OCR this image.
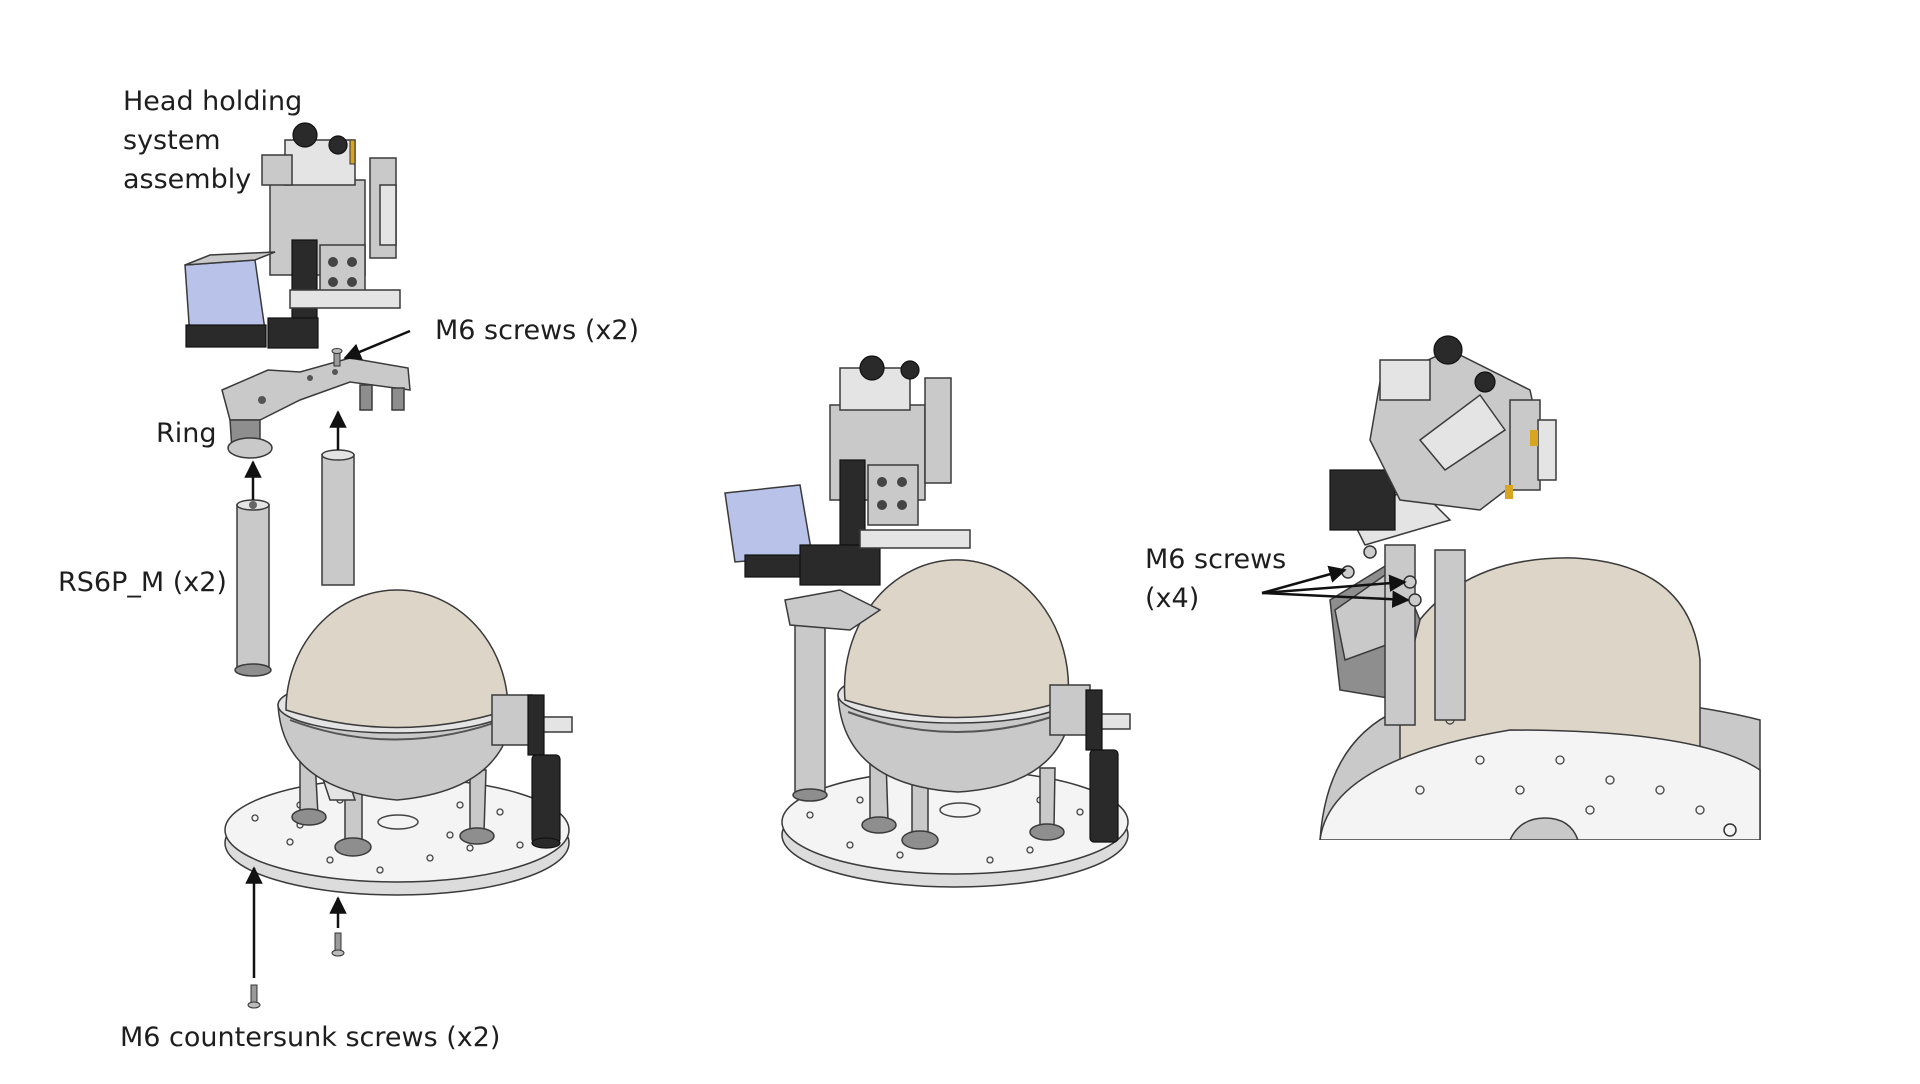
Head holding
system
assembly
M6 screws (x2)
Ring
RS6P_M (x2)
M6 countersunk screws (x2)
M6 screws
(x4)
